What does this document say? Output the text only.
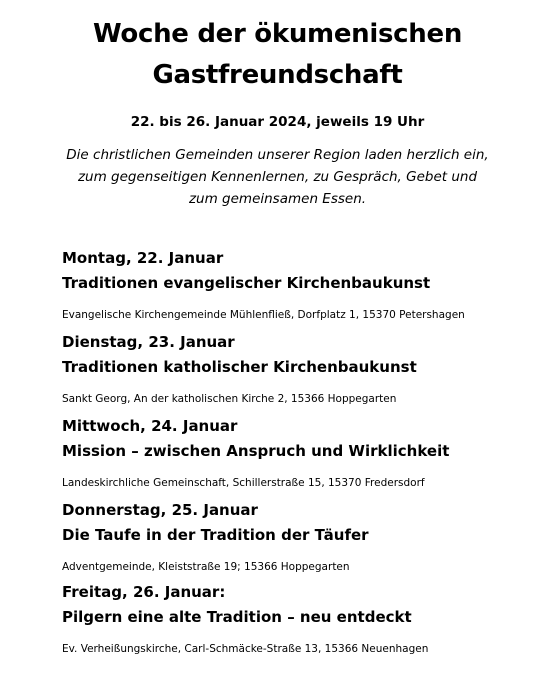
Woche der ökumenischen
Gastfreundschaft
22. bis 26. Januar 2024, jeweils 19 Uhr
Die christlichen Gemeinden unserer Region laden herzlich ein,
zum gegenseitigen Kennenlernen, zu Gespräch, Gebet und
zum gemeinsamen Essen.
Montag, 22. Januar
Traditionen evangelischer Kirchenbaukunst
Evangelische Kirchengemeinde Mühlenfließ, Dorfplatz 1, 15370 Petershagen
Dienstag, 23. Januar
Traditionen katholischer Kirchenbaukunst
Sankt Georg, An der katholischen Kirche 2, 15366 Hoppegarten
Mittwoch, 24. Januar
Mission – zwischen Anspruch und Wirklichkeit
Landeskirchliche Gemeinschaft, Schillerstraße 15, 15370 Fredersdorf
Donnerstag, 25. Januar
Die Taufe in der Tradition der Täufer
Adventgemeinde, Kleiststraße 19; 15366 Hoppegarten
Freitag, 26. Januar:
Pilgern eine alte Tradition – neu entdeckt
Ev. Verheißungskirche, Carl-Schmäcke-Straße 13, 15366 Neuenhagen
